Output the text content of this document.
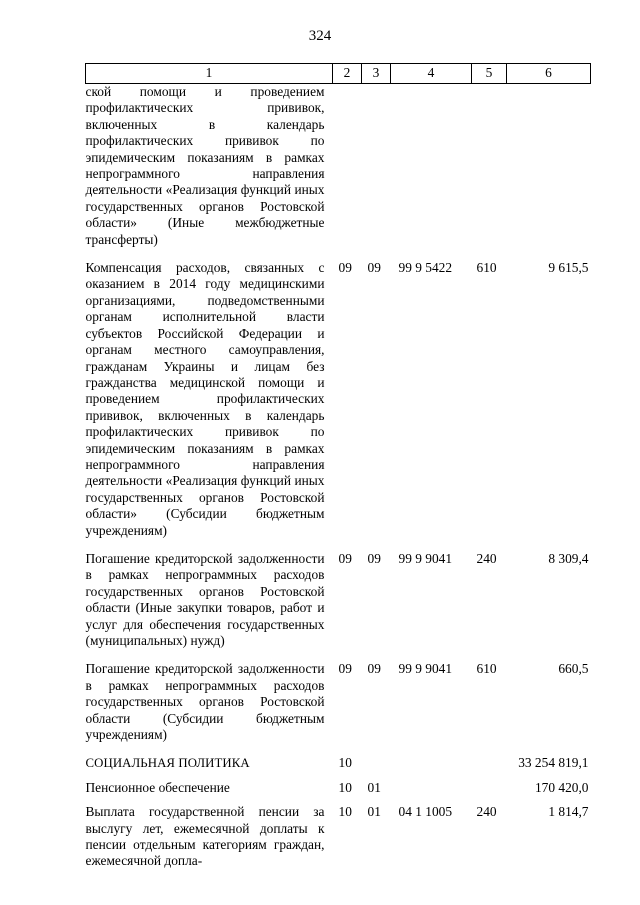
324
1	2	3	4	5	6
ской помощи и проведением профилактических прививок, включенных в календарь профилактических прививок по эпидемическим показаниям в рамках непрограммного направления деятельности «Реализация функций иных государственных органов Ростовской области» (Иные межбюджетные трансферты)					
Компенсация расходов, связанных с оказанием в 2014 году медицинскими организациями, подведомственными органам исполнительной власти субъектов Российской Федерации и органам местного самоуправления, гражданам Украины и лицам без гражданства медицинской помощи и проведением профилактических прививок, включенных в календарь профилактических прививок по эпидемическим показаниям в рамках непрограммного направления деятельности «Реализация функций иных государственных органов Ростовской области» (Субсидии бюджетным учреждениям)	09	09	99 9 5422	610	9 615,5
Погашение кредиторской задолженности в рамках непрограммных расходов государственных органов Ростовской области (Иные закупки товаров, работ и услуг для обеспечения государственных (муниципальных) нужд)	09	09	99 9 9041	240	8 309,4
Погашение кредиторской задолженности в рамках непрограммных расходов государственных органов Ростовской области (Субсидии бюджетным учреждениям)	09	09	99 9 9041	610	660,5
СОЦИАЛЬНАЯ ПОЛИТИКА	10				33 254 819,1
Пенсионное обеспечение	10	01			170 420,0
Выплата государственной пенсии за выслугу лет, ежемесячной доплаты к пенсии отдельным категориям граждан, ежемесячной допла-	10	01	04 1 1005	240	1 814,7
